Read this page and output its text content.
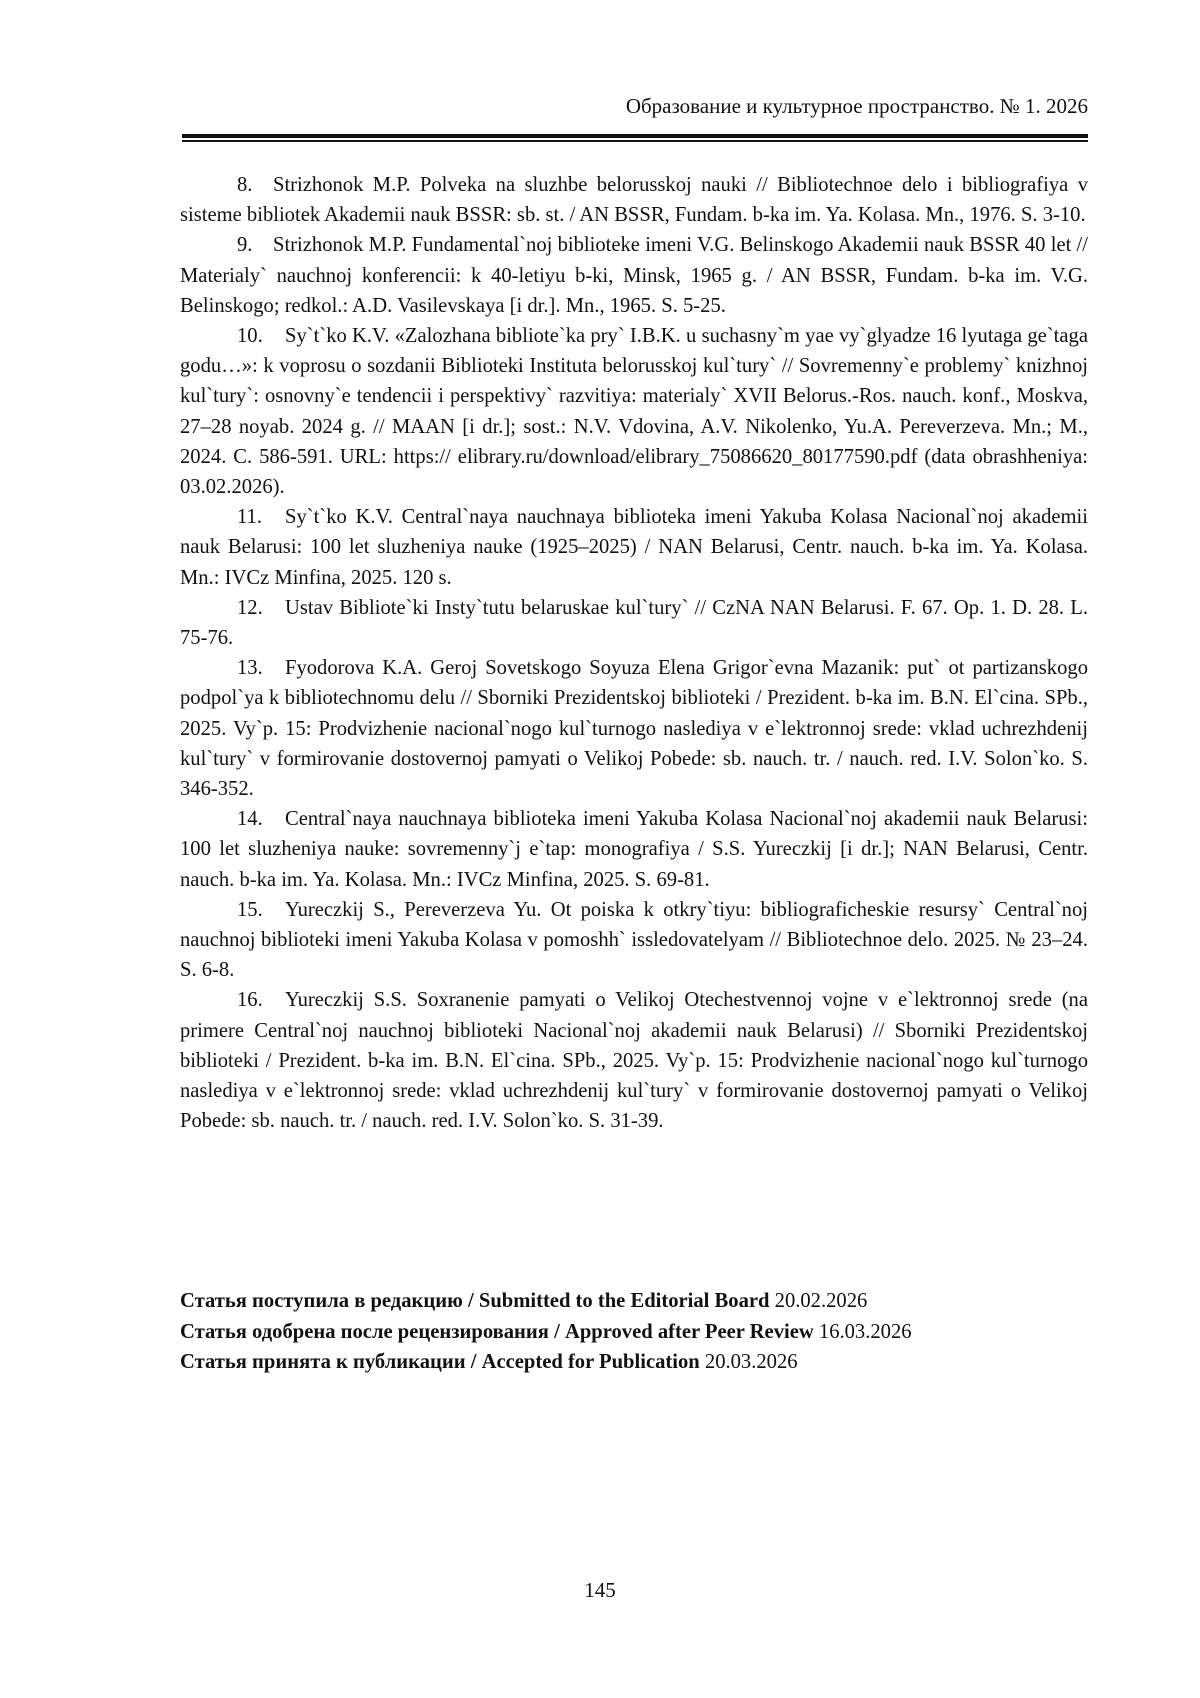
Образование и культурное пространство. № 1. 2026
8. Strizhonok M.P. Polveka na sluzhbe belorusskoj nauki // Bibliotechnoe delo i bibliografiya v sisteme bibliotek Akademii nauk BSSR: sb. st. / AN BSSR, Fundam. b-ka im. Ya. Kolasa. Mn., 1976. S. 3-10.
9. Strizhonok M.P. Fundamental`noj biblioteke imeni V.G. Belinskogo Akademii nauk BSSR 40 let // Materialy` nauchnoj konferencii: k 40-letiyu b-ki, Minsk, 1965 g. / AN BSSR, Fundam. b-ka im. V.G. Belinskogo; redkol.: A.D. Vasilevskaya [i dr.]. Mn., 1965. S. 5-25.
10. Sy`t`ko K.V. «Zalozhana bibliote`ka pry` I.B.K. u suchasny`m yae vy`glyadze 16 lyutaga ge`taga godu…»: k voprosu o sozdanii Biblioteki Instituta belorusskoj kul`tury` // Sovremenny`e problemy` knizhnoj kul`tury`: osnovny`e tendencii i perspektivy` razvitiya: materialy` XVII Belorus.-Ros. nauch. konf., Moskva, 27–28 noyab. 2024 g. // MAAN [i dr.]; sost.: N.V. Vdovina, A.V. Nikolenko, Yu.A. Pereverzeva. Mn.; M., 2024. C. 586-591. URL: https:// elibrary.ru/download/elibrary_75086620_80177590.pdf (data obrashheniya: 03.02.2026).
11. Sy`t`ko K.V. Central`naya nauchnaya biblioteka imeni Yakuba Kolasa Nacional`noj akademii nauk Belarusi: 100 let sluzheniya nauke (1925–2025) / NAN Belarusi, Centr. nauch. b-ka im. Ya. Kolasa. Mn.: IVCz Minfina, 2025. 120 s.
12. Ustav Bibliote`ki Insty`tutu belaruskae kul`tury` // CzNA NAN Belarusi. F. 67. Op. 1. D. 28. L. 75-76.
13. Fyodorova K.A. Geroj Sovetskogo Soyuza Elena Grigor`evna Mazanik: put` ot partizanskogo podpol`ya k bibliotechnomu delu // Sborniki Prezidentskoj biblioteki / Prezident. b-ka im. B.N. El`cina. SPb., 2025. Vy`p. 15: Prodvizhenie nacional`nogo kul`turnogo naslediya v e`lektronnoj srede: vklad uchrezhdenij kul`tury` v formirovanie dostovernoj pamyati o Velikoj Pobede: sb. nauch. tr. / nauch. red. I.V. Solon`ko. S. 346-352.
14. Central`naya nauchnaya biblioteka imeni Yakuba Kolasa Nacional`noj akademii nauk Belarusi: 100 let sluzheniya nauke: sovremenny`j e`tap: monografiya / S.S. Yureczkij [i dr.]; NAN Belarusi, Centr. nauch. b-ka im. Ya. Kolasa. Mn.: IVCz Minfina, 2025. S. 69-81.
15. Yureczkij S., Pereverzeva Yu. Ot poiska k otkry`tiyu: bibliograficheskie resursy` Central`noj nauchnoj biblioteki imeni Yakuba Kolasa v pomoshh` issledovatelyam // Bibliotechnoe delo. 2025. № 23–24. S. 6-8.
16. Yureczkij S.S. Soxranenie pamyati o Velikoj Otechestvennoj vojne v e`lektronnoj srede (na primere Central`noj nauchnoj biblioteki Nacional`noj akademii nauk Belarusi) // Sborniki Prezidentskoj biblioteki / Prezident. b-ka im. B.N. El`cina. SPb., 2025. Vy`p. 15: Prodvizhenie nacional`nogo kul`turnogo naslediya v e`lektronnoj srede: vklad uchrezhdenij kul`tury` v formirovanie dostovernoj pamyati o Velikoj Pobede: sb. nauch. tr. / nauch. red. I.V. Solon`ko. S. 31-39.
Статья поступила в редакцию / Submitted to the Editorial Board 20.02.2026
Статья одобрена после рецензирования / Approved after Peer Review 16.03.2026
Статья принята к публикации / Accepted for Publication 20.03.2026
145
